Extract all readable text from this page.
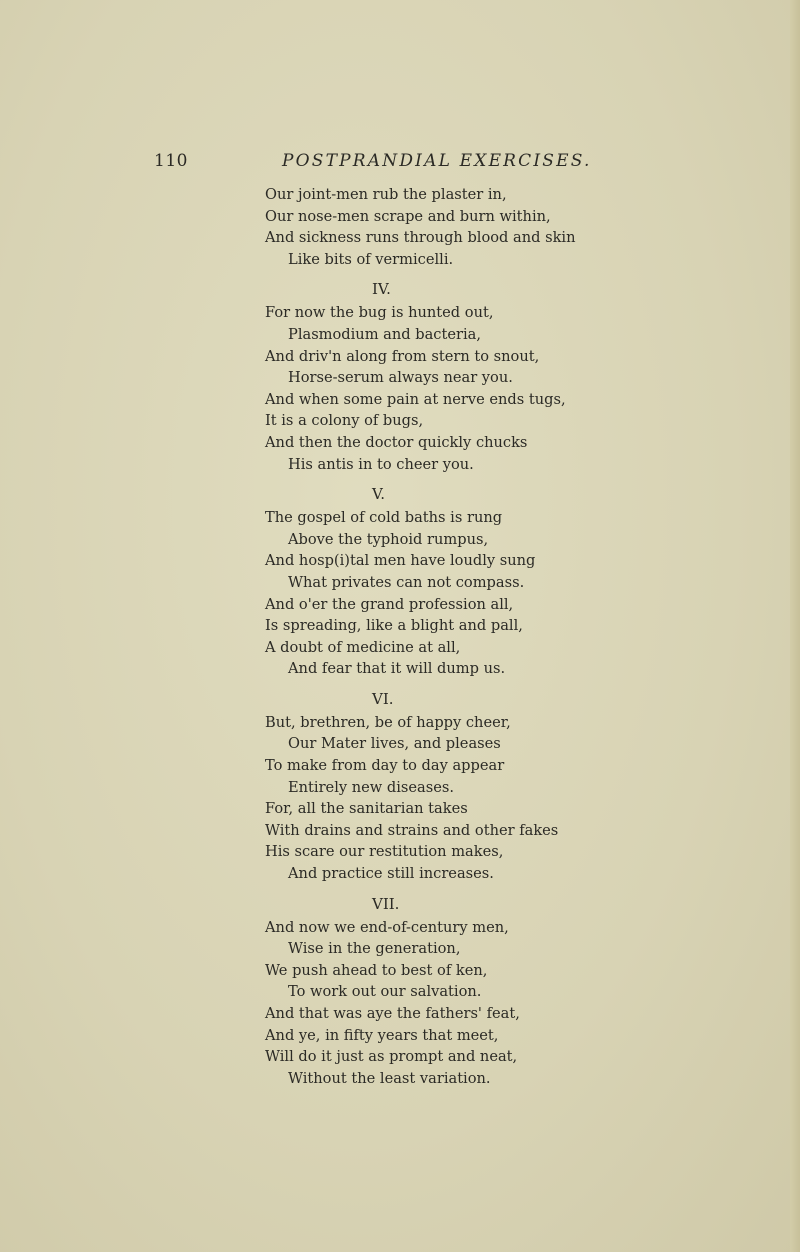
110	POSTPRANDIAL EXERCISES.
Our joint-men rub the plaster in,
Our nose-men scrape and burn within,
And sickness runs through blood and skin
Like bits of vermicelli.
IV.
For now the bug is hunted out,
Plasmodium and bacteria,
And driv'n along from stern to snout,
Horse-serum always near you.
And when some pain at nerve ends tugs,
It is a colony of bugs,
And then the doctor quickly chucks
His antis in to cheer you.
V.
The gospel of cold baths is rung
Above the typhoid rumpus,
And hosp(i)tal men have loudly sung
What privates can not compass.
And o'er the grand profession all,
Is spreading, like a blight and pall,
A doubt of medicine at all,
And fear that it will dump us.
VI.
But, brethren, be of happy cheer,
Our Mater lives, and pleases
To make from day to day appear
Entirely new diseases.
For, all the sanitarian takes
With drains and strains and other fakes
His scare our restitution makes,
And practice still increases.
VII.
And now we end-of-century men,
Wise in the generation,
We push ahead to best of ken,
To work out our salvation.
And that was aye the fathers' feat,
And ye, in fifty years that meet,
Will do it just as prompt and neat,
Without the least variation.
